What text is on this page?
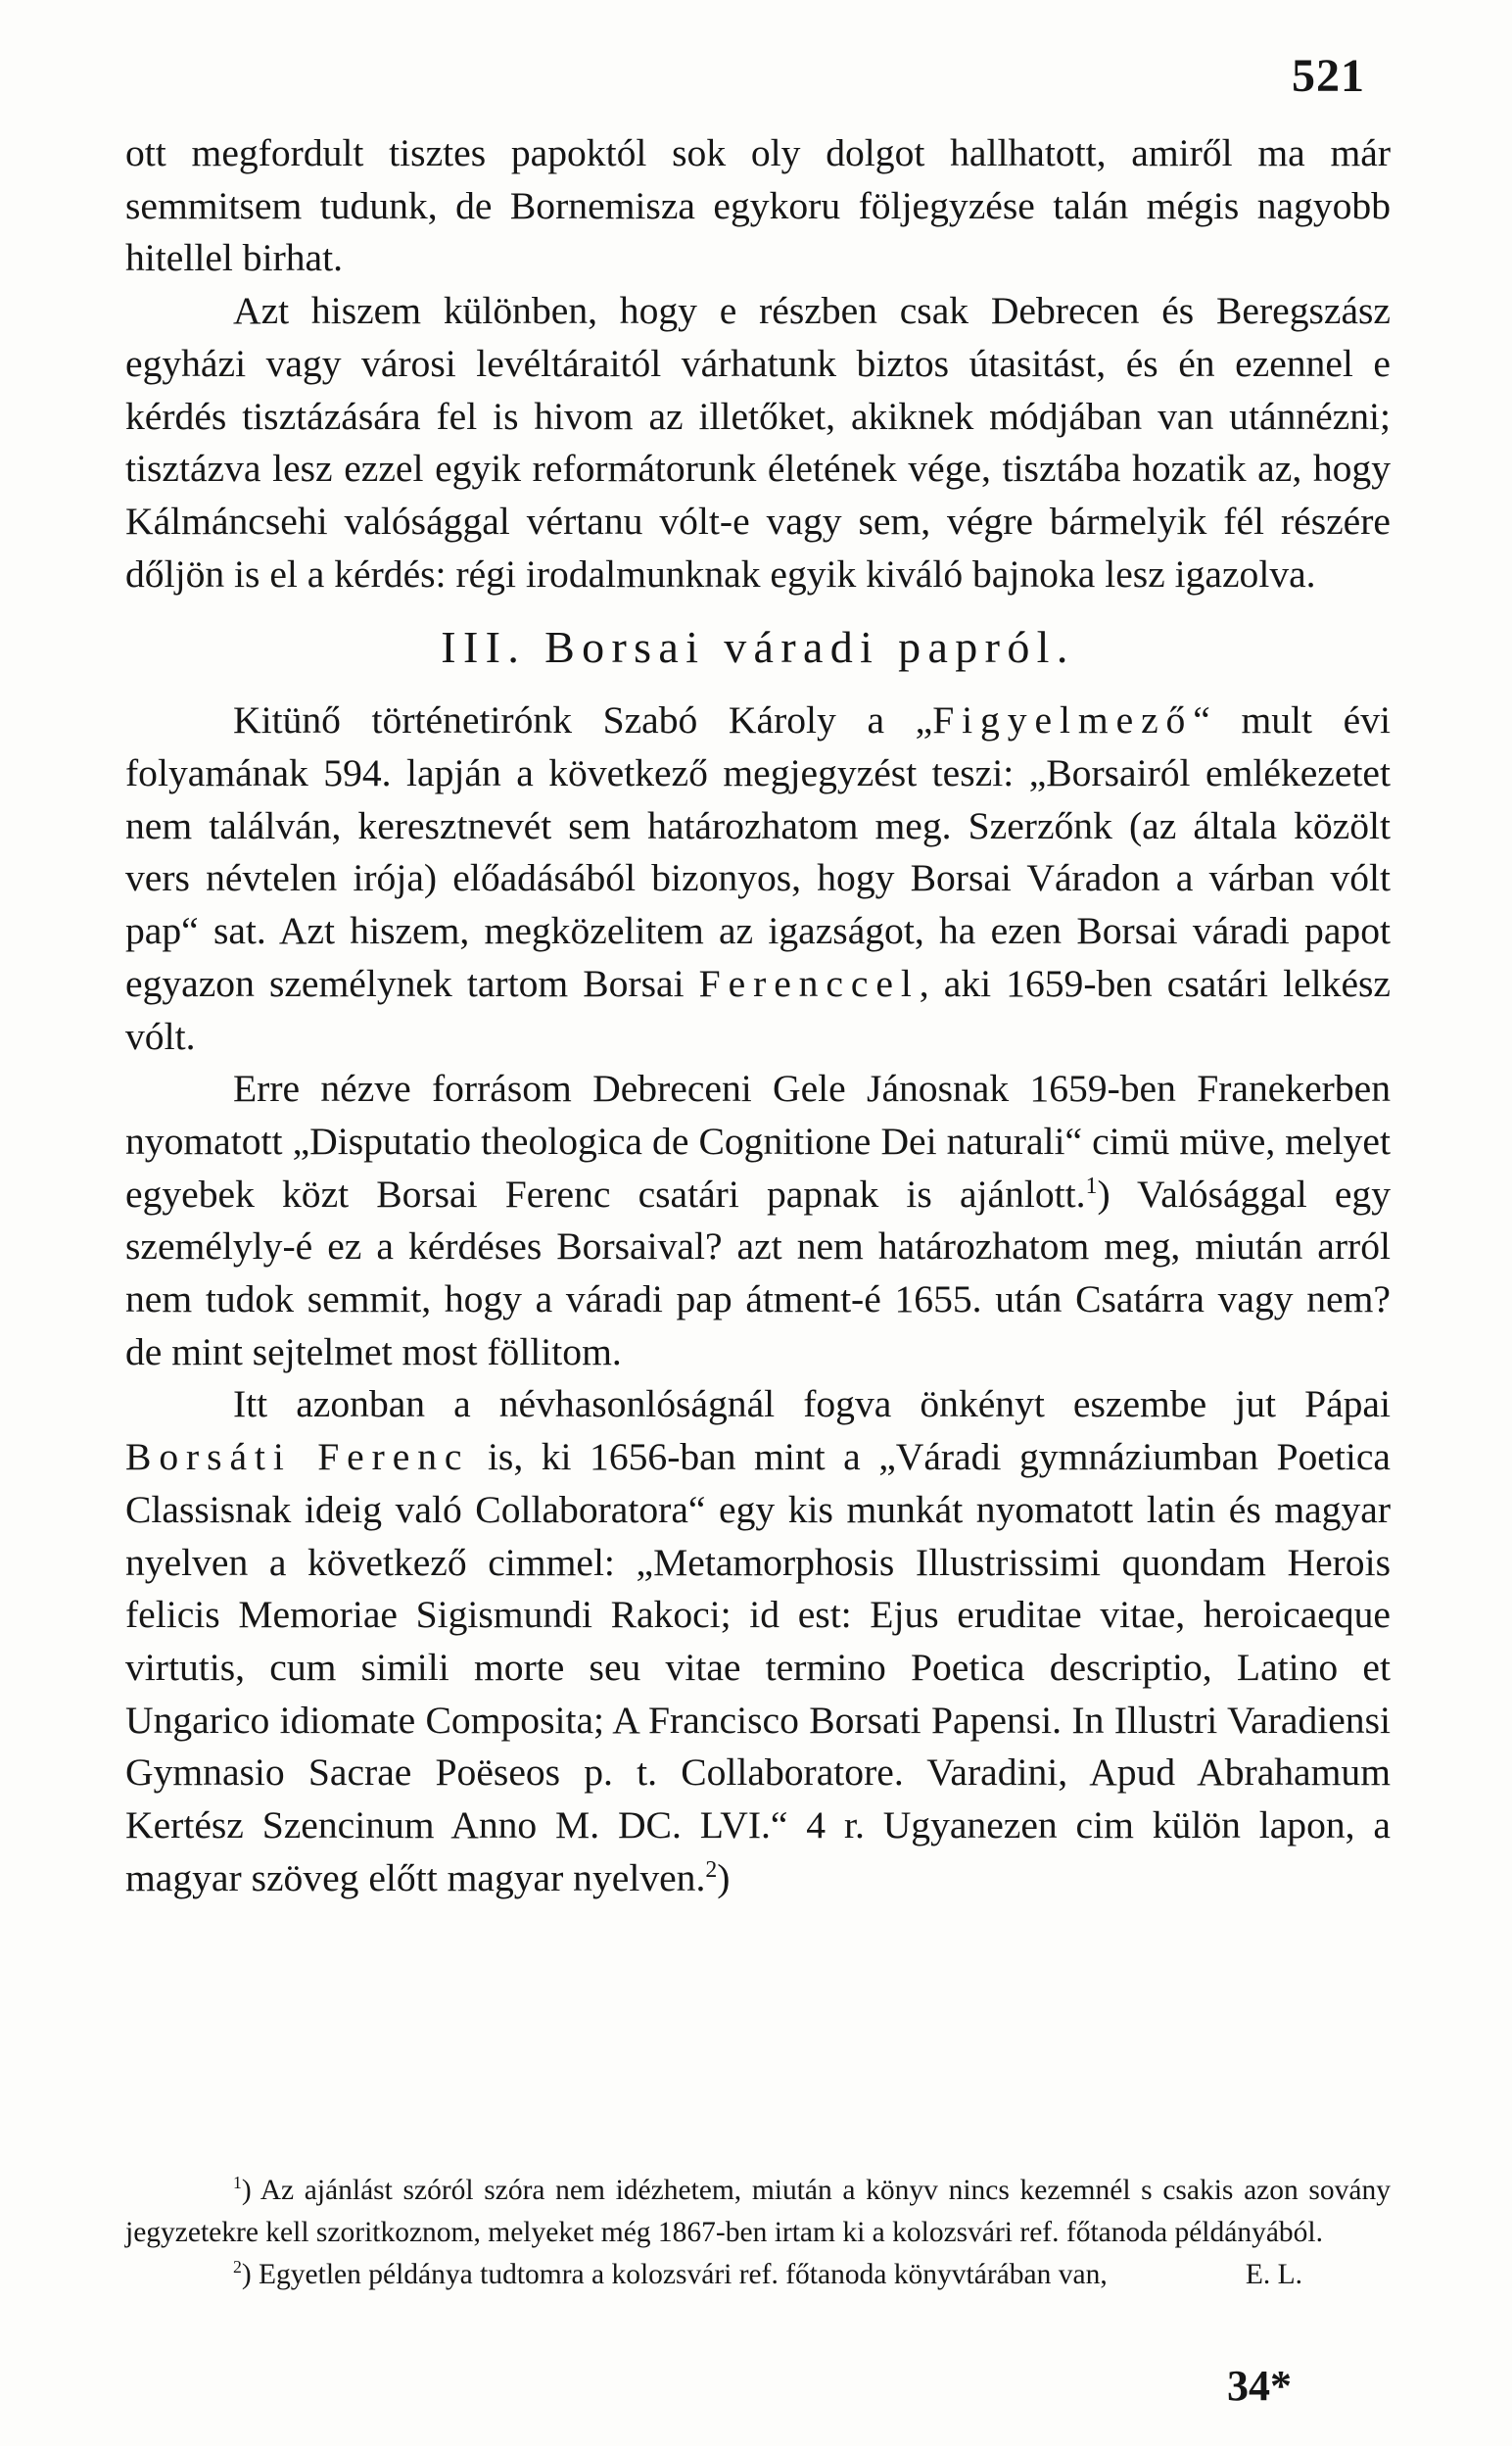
521

ott megfordult tisztes papoktól sok oly dolgot hallhatott, amiről ma már semmitsem tudunk, de Bornemisza egykoru följegyzése talán mégis nagyobb hitellel birhat.

Azt hiszem különben, hogy e részben csak Debrecen és Beregszász egyházi vagy városi levéltáraitól várhatunk biztos útasitást, és én ezennel e kérdés tisztázására fel is hivom az illetőket, akiknek módjában van utánnézni; tisztázva lesz ezzel egyik reformátorunk életének vége, tisztába hozatik az, hogy Kálmáncsehi valósággal vértanu vólt-e vagy sem, végre bármelyik fél részére dőljön is el a kérdés: régi irodalmunknak egyik kiváló bajnoka lesz igazolva.

III. Borsai váradi papról.

Kitünő történetirónk Szabó Károly a „Figyelmező“ mult évi folyamának 594. lapján a következő megjegyzést teszi: „Borsairól emlékezetet nem találván, keresztnevét sem határozhatom meg. Szerzőnk (az általa közölt vers névtelen irója) előadásából bizonyos, hogy Borsai Váradon a várban vólt pap“ sat. Azt hiszem, megközelitem az igazságot, ha ezen Borsai váradi papot egyazon személynek tartom Borsai Ferenccel, aki 1659-ben csatári lelkész vólt.

Erre nézve forrásom Debreceni Gele Jánosnak 1659-ben Franekerben nyomatott „Disputatio theologica de Cognitione Dei naturali“ cimü müve, melyet egyebek közt Borsai Ferenc csatári papnak is ajánlott.$^1$) Valósággal egy személyly-é ez a kérdéses Borsaival? azt nem határozhatom meg, miután arról nem tudok semmit, hogy a váradi pap átment-é 1655. után Csatárra vagy nem? de mint sejtelmet most föllitom.

Itt azonban a névhasonlóságnál fogva önkényt eszembe jut Pápai Borsáti Ferenc is, ki 1656-ban mint a „Váradi gymnáziumban Poetica Classisnak ideig való Collaboratora“ egy kis munkát nyomatott latin és magyar nyelven a következő cimmel: „Metamorphosis Illustrissimi quondam Herois felicis Memoriae Sigismundi Rakoci; id est: Ejus eruditae vitae, heroicaeque virtutis, cum simili morte seu vitae termino Poetica descriptio, Latino et Ungarico idiomate Composita; A Francisco Borsati Papensi. In Illustri Varadiensi Gymnasio Sacrae Poëseos p. t. Collaboratore. Varadini, Apud Abrahamum Kertész Szencinum Anno M. DC. LVI.“ 4 r. Ugyanezen cim külön lapon, a magyar szöveg előtt magyar nyelven.$^2$)

$^1$) Az ajánlást szóról szóra nem idézhetem, miután a könyv nincs kezemnél s csakis azon sovány jegyzetekre kell szoritkoznom, melyeket még 1867-ben irtam ki a kolozsvári ref. főtanoda példányából.
E. L.

$^2$) Egyetlen példánya tudtomra a kolozsvári ref. főtanoda könyvtárában van,

34*
